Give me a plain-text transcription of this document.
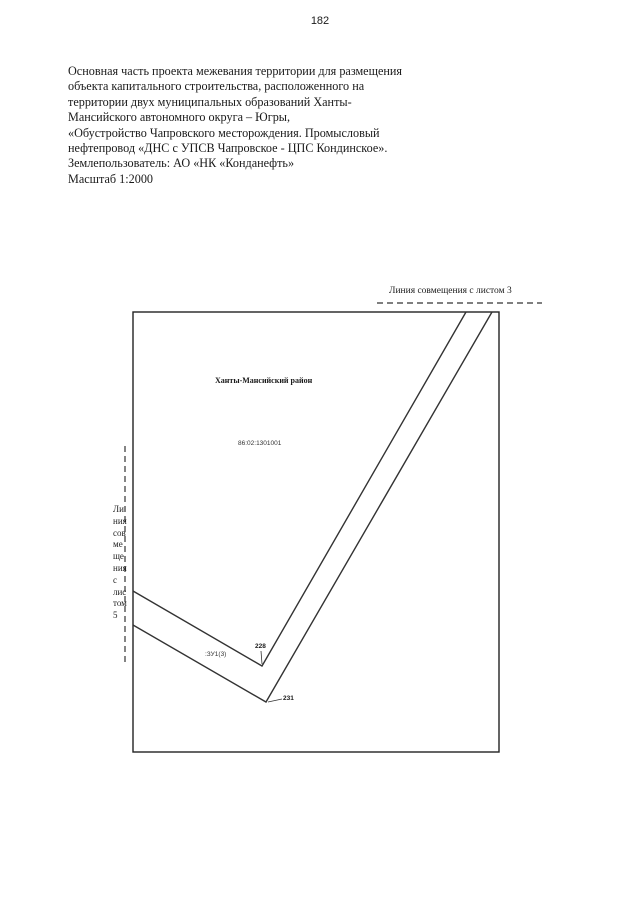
182
Основная часть проекта межевания территории для размещения
объекта капитального строительства, расположенного на
территории двух муниципальных образований Ханты-
Мансийского автономного округа – Югры,
«Обустройство Чапровского месторождения. Промысловый
нефтепровод «ДНС с УПСВ Чапровское - ЦПС Кондинское».
Землепользователь: АО «НК «Конданефть»
Масштаб 1:2000
Линия совмещения с листом 3
Ли
ния
сов
ме
ще
ния
с
лис
том
5
Ханты-Мансийский район
86:02:1301001
:ЗУ1(3)
228
231
